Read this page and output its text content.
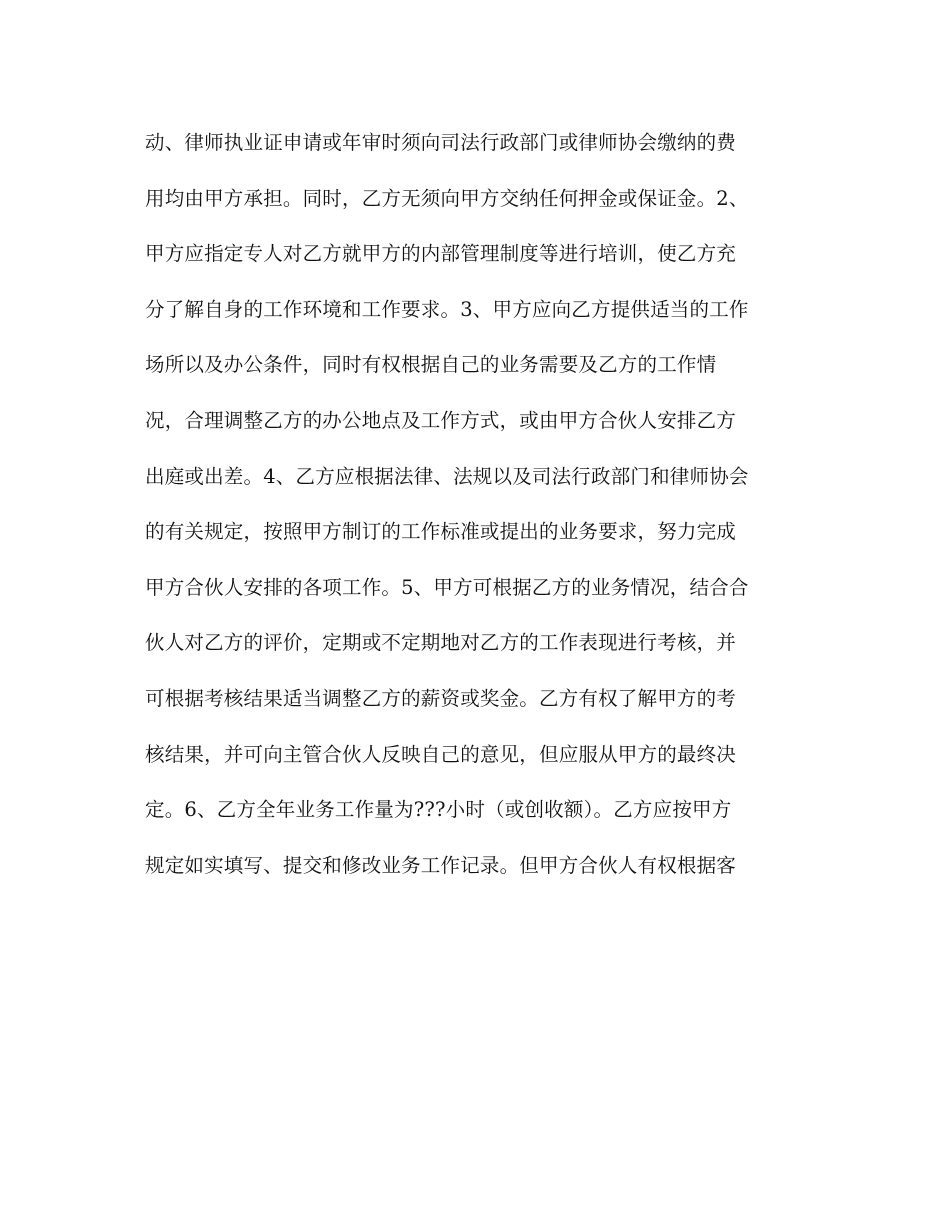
动、律师执业证申请或年审时须向司法行政部门或律师协会缴纳的费
用均由甲方承担。同时，乙方无须向甲方交纳任何押金或保证金。2、
甲方应指定专人对乙方就甲方的内部管理制度等进行培训，使乙方充
分了解自身的工作环境和工作要求。3、甲方应向乙方提供适当的工作
场所以及办公条件，同时有权根据自己的业务需要及乙方的工作情
况，合理调整乙方的办公地点及工作方式，或由甲方合伙人安排乙方
出庭或出差。4、乙方应根据法律、法规以及司法行政部门和律师协会
的有关规定，按照甲方制订的工作标准或提出的业务要求，努力完成
甲方合伙人安排的各项工作。5、甲方可根据乙方的业务情况，结合合
伙人对乙方的评价，定期或不定期地对乙方的工作表现进行考核，并
可根据考核结果适当调整乙方的薪资或奖金。乙方有权了解甲方的考
核结果，并可向主管合伙人反映自己的意见，但应服从甲方的最终决
定。6、乙方全年业务工作量为???小时（或创收额）。乙方应按甲方
规定如实填写、提交和修改业务工作记录。但甲方合伙人有权根据客
